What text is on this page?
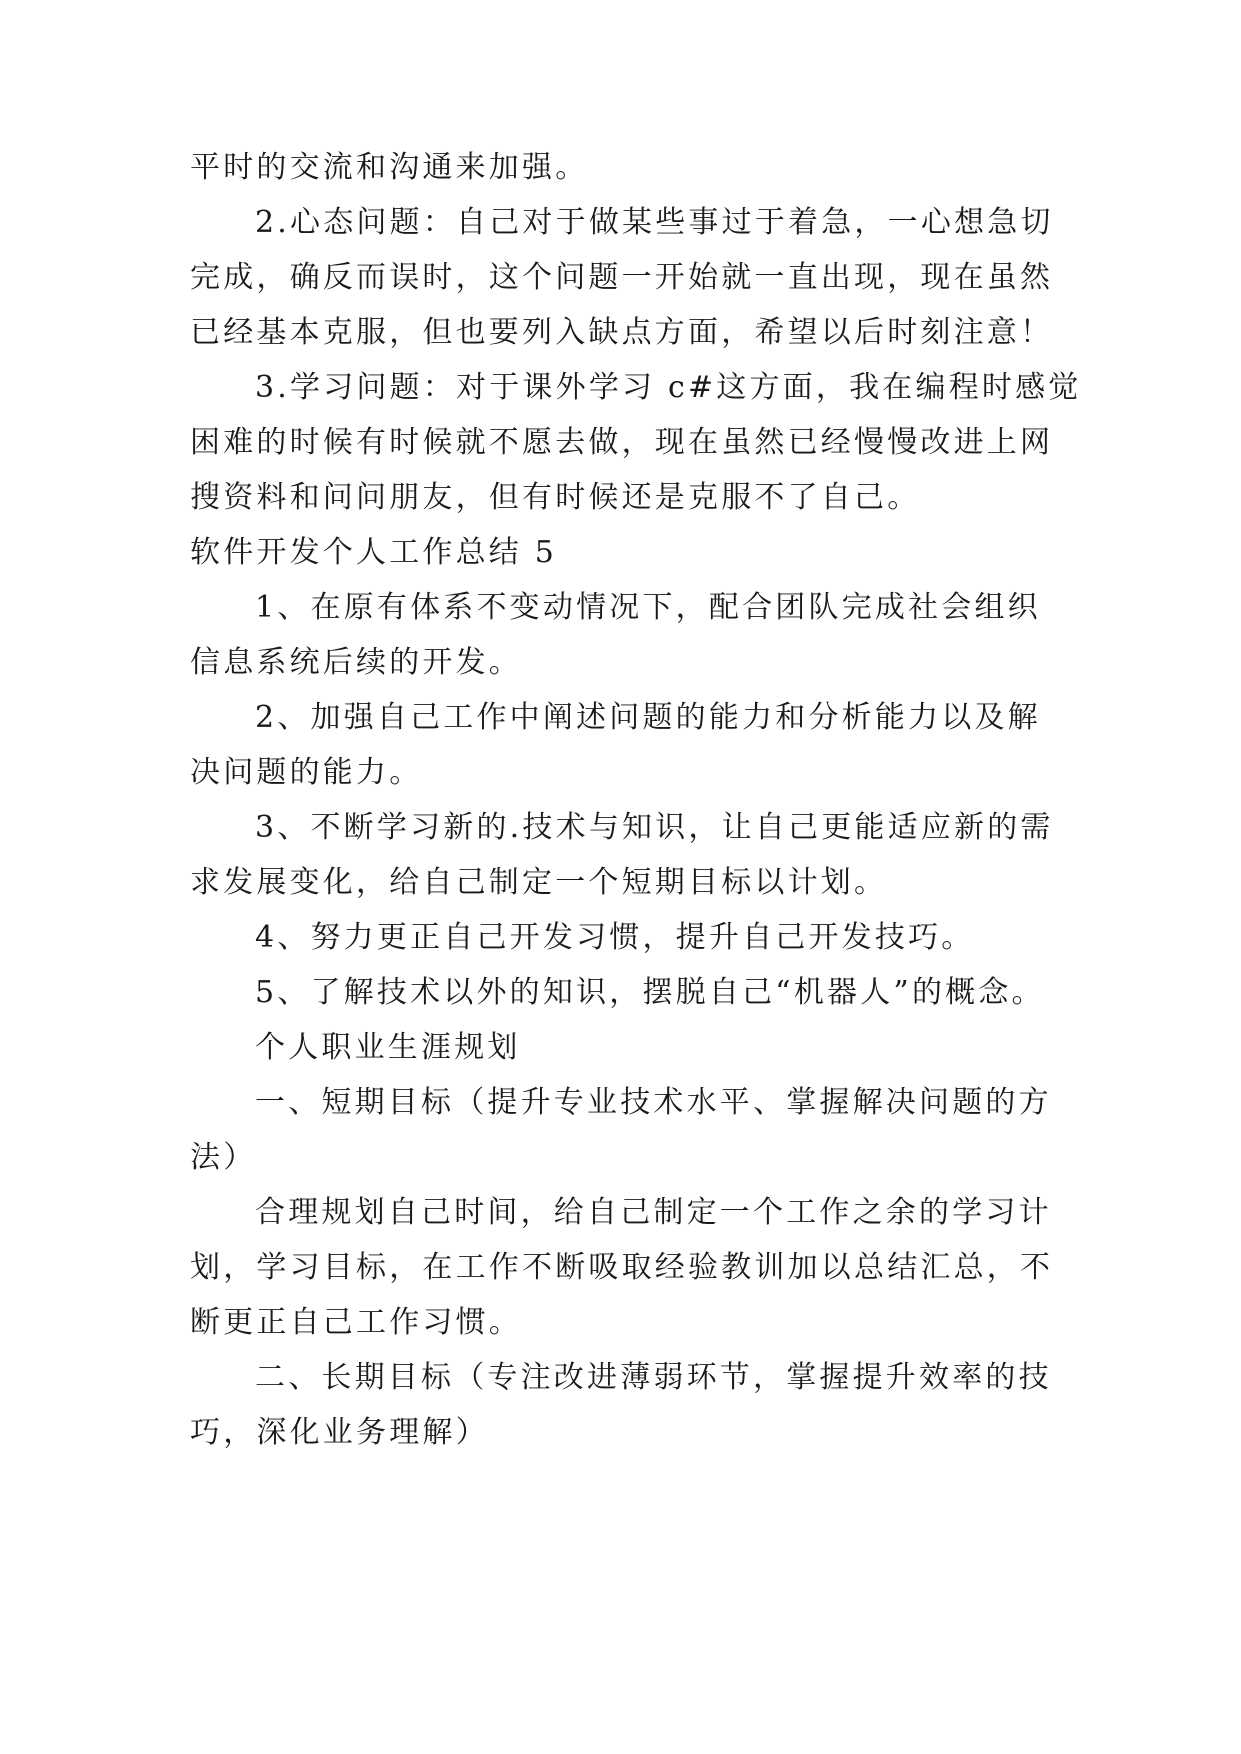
平时的交流和沟通来加强。
2.心态问题：自己对于做某些事过于着急，一心想急切
完成，确反而误时，这个问题一开始就一直出现，现在虽然
已经基本克服，但也要列入缺点方面，希望以后时刻注意！
3.学习问题：对于课外学习 c#这方面，我在编程时感觉
困难的时候有时候就不愿去做，现在虽然已经慢慢改进上网
搜资料和问问朋友，但有时候还是克服不了自己。
软件开发个人工作总结 5
1、在原有体系不变动情况下，配合团队完成社会组织
信息系统后续的开发。
2、加强自己工作中阐述问题的能力和分析能力以及解
决问题的能力。
3、不断学习新的.技术与知识，让自己更能适应新的需
求发展变化，给自己制定一个短期目标以计划。
4、努力更正自己开发习惯，提升自己开发技巧。
5、了解技术以外的知识，摆脱自己“机器人”的概念。
个人职业生涯规划
一、短期目标（提升专业技术水平、掌握解决问题的方
法）
合理规划自己时间，给自己制定一个工作之余的学习计
划，学习目标，在工作不断吸取经验教训加以总结汇总，不
断更正自己工作习惯。
二、长期目标（专注改进薄弱环节，掌握提升效率的技
巧，深化业务理解）
